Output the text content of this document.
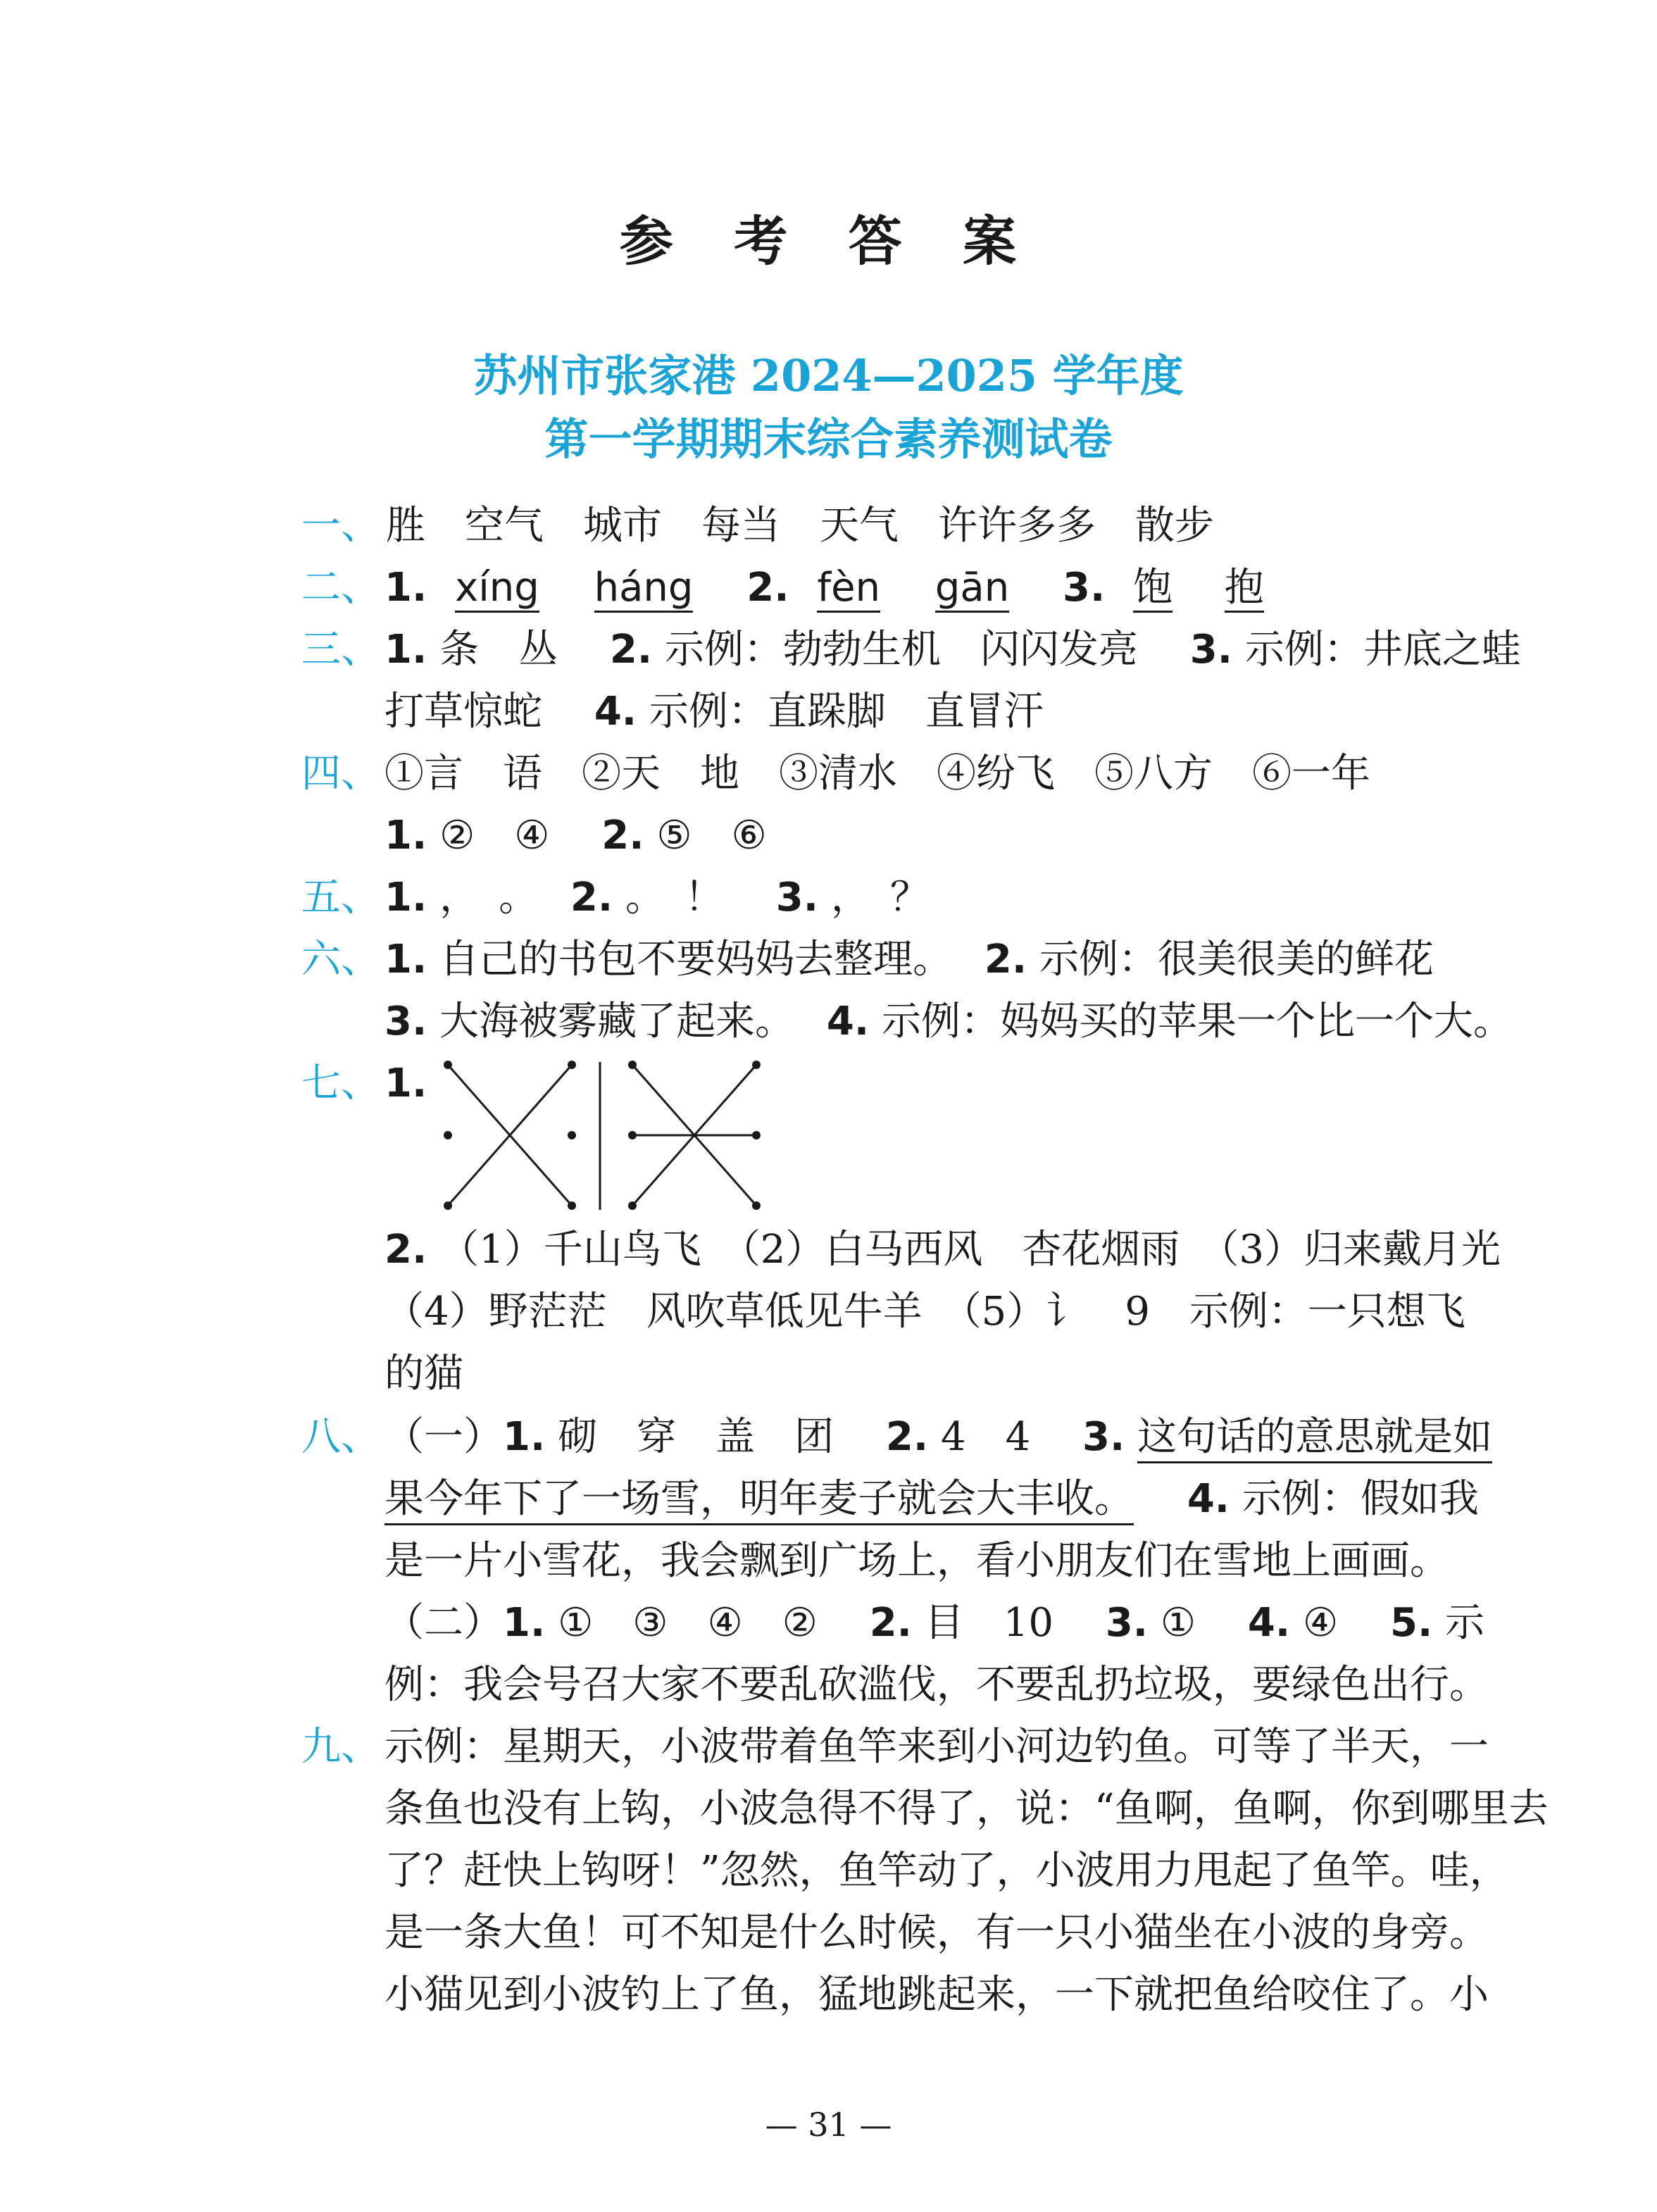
参 考 答 案
苏州市张家港 2024—2025 学年度
第一学期期末综合素养测试卷
一、 胜　空气　城市　每当　天气　许许多多　散步
二、 1. xíng háng 2. fèn gān 3. 饱 抱
三、 1. 条　丛　 2. 示例：勃勃生机　闪闪发亮　 3. 示例：井底之蛙
打草惊蛇　 4. 示例：直跺脚　直冒汗
四、 ①言　语　②天　地　③清水　④纷飞　⑤八方　⑥一年
1. ②　④　 2. ⑤　⑥
五、 1. ，　。　 2. 。　！　 3. ，　？
六、 1. 自己的书包不要妈妈去整理。　 2. 示例：很美很美的鲜花
3. 大海被雾藏了起来。　 4. 示例：妈妈买的苹果一个比一个大。
七、 1.
2. （1）千山鸟飞　（2）白马西风　杏花烟雨　（3）归来戴月光
（4）野茫茫　风吹草低见牛羊　（5）讠　9　示例：一只想飞
的猫
八、 （一）1. 砌　穿　盖　团　 2. 4　4　 3. 这句话的意思就是如
果今年下了一场雪，明年麦子就会大丰收。 4. 示例：假如我
是一片小雪花，我会飘到广场上，看小朋友们在雪地上画画。
（二）1. ①　③　④　②　 2. 目　10　 3. ①　 4. ④　 5. 示
例：我会号召大家不要乱砍滥伐，不要乱扔垃圾，要绿色出行。
九、 示例：星期天，小波带着鱼竿来到小河边钓鱼。可等了半天，一
条鱼也没有上钩，小波急得不得了，说：“鱼啊，鱼啊，你到哪里去
了？赶快上钩呀！”忽然，鱼竿动了，小波用力甩起了鱼竿。哇，
是一条大鱼！可不知是什么时候，有一只小猫坐在小波的身旁。
小猫见到小波钓上了鱼，猛地跳起来，一下就把鱼给咬住了。小
— 31 —
